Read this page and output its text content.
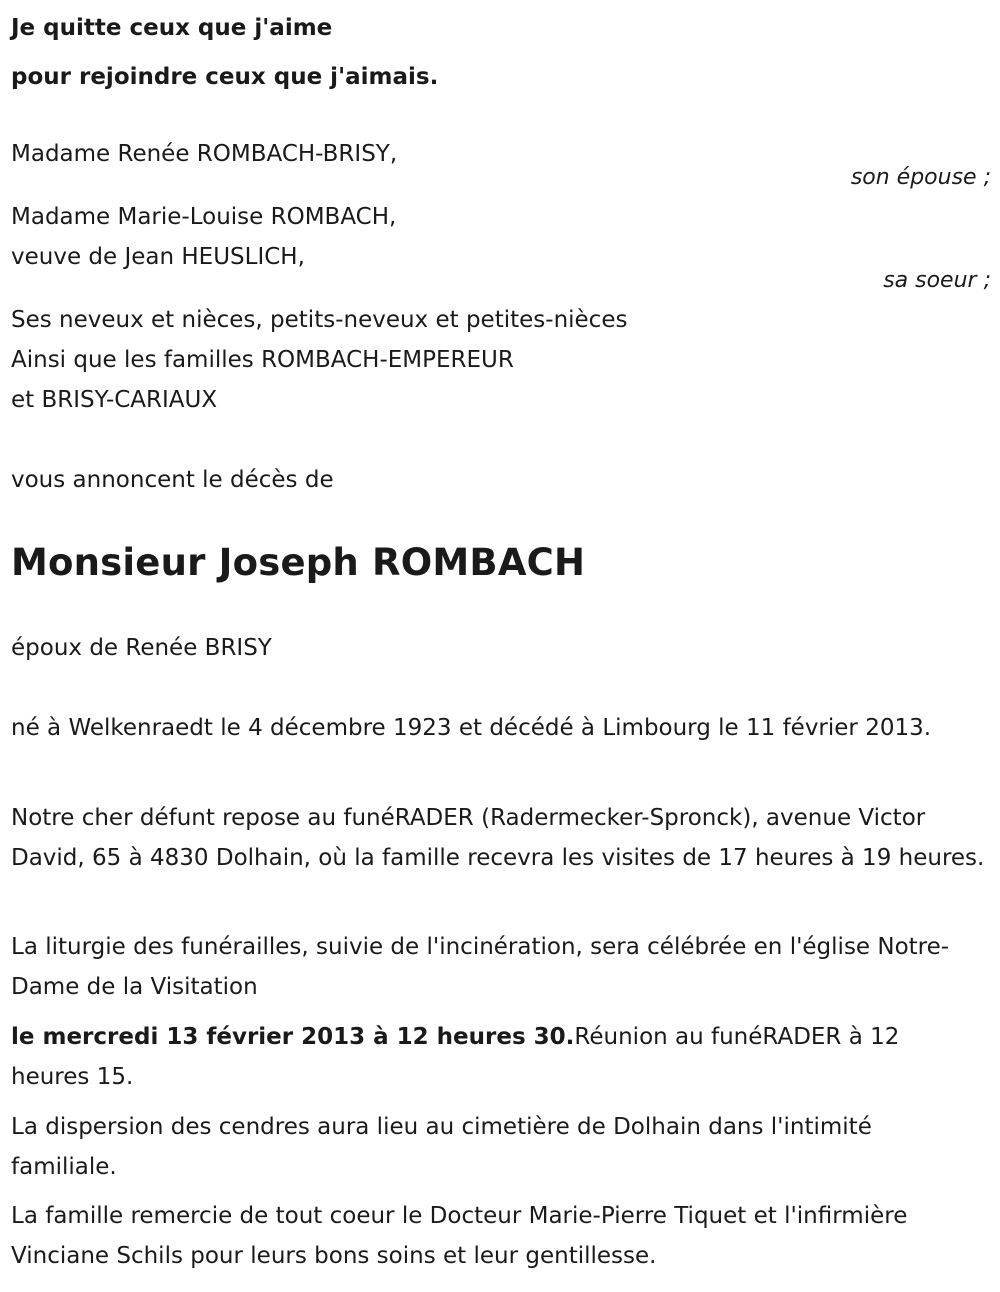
Je quitte ceux que j'aime

pour rejoindre ceux que j'aimais.

Madame Renée ROMBACH-BRISY,

son épouse ;

Madame Marie-Louise ROMBACH,

veuve de Jean HEUSLICH,

sa soeur ;

Ses neveux et nièces, petits-neveux et petites-nièces

Ainsi que les familles ROMBACH-EMPEREUR

et BRISY-CARIAUX

vous annoncent le décès de

Monsieur Joseph ROMBACH

époux de Renée BRISY

né à Welkenraedt le 4 décembre 1923 et décédé à Limbourg le 11 février 2013.

Notre cher défunt repose au funéRADER (Radermecker-Spronck), avenue Victor David, 65 à 4830 Dolhain, où la famille recevra les visites de 17 heures à 19 heures.

La liturgie des funérailles, suivie de l'incinération, sera célébrée en l'église Notre-Dame de la Visitation

le mercredi 13 février 2013 à 12 heures 30.Réunion au funéRADER à 12 heures 15.

La dispersion des cendres aura lieu au cimetière de Dolhain dans l'intimité familiale.

La famille remercie de tout coeur le Docteur Marie-Pierre Tiquet et l'infirmière Vinciane Schils pour leurs bons soins et leur gentillesse.
